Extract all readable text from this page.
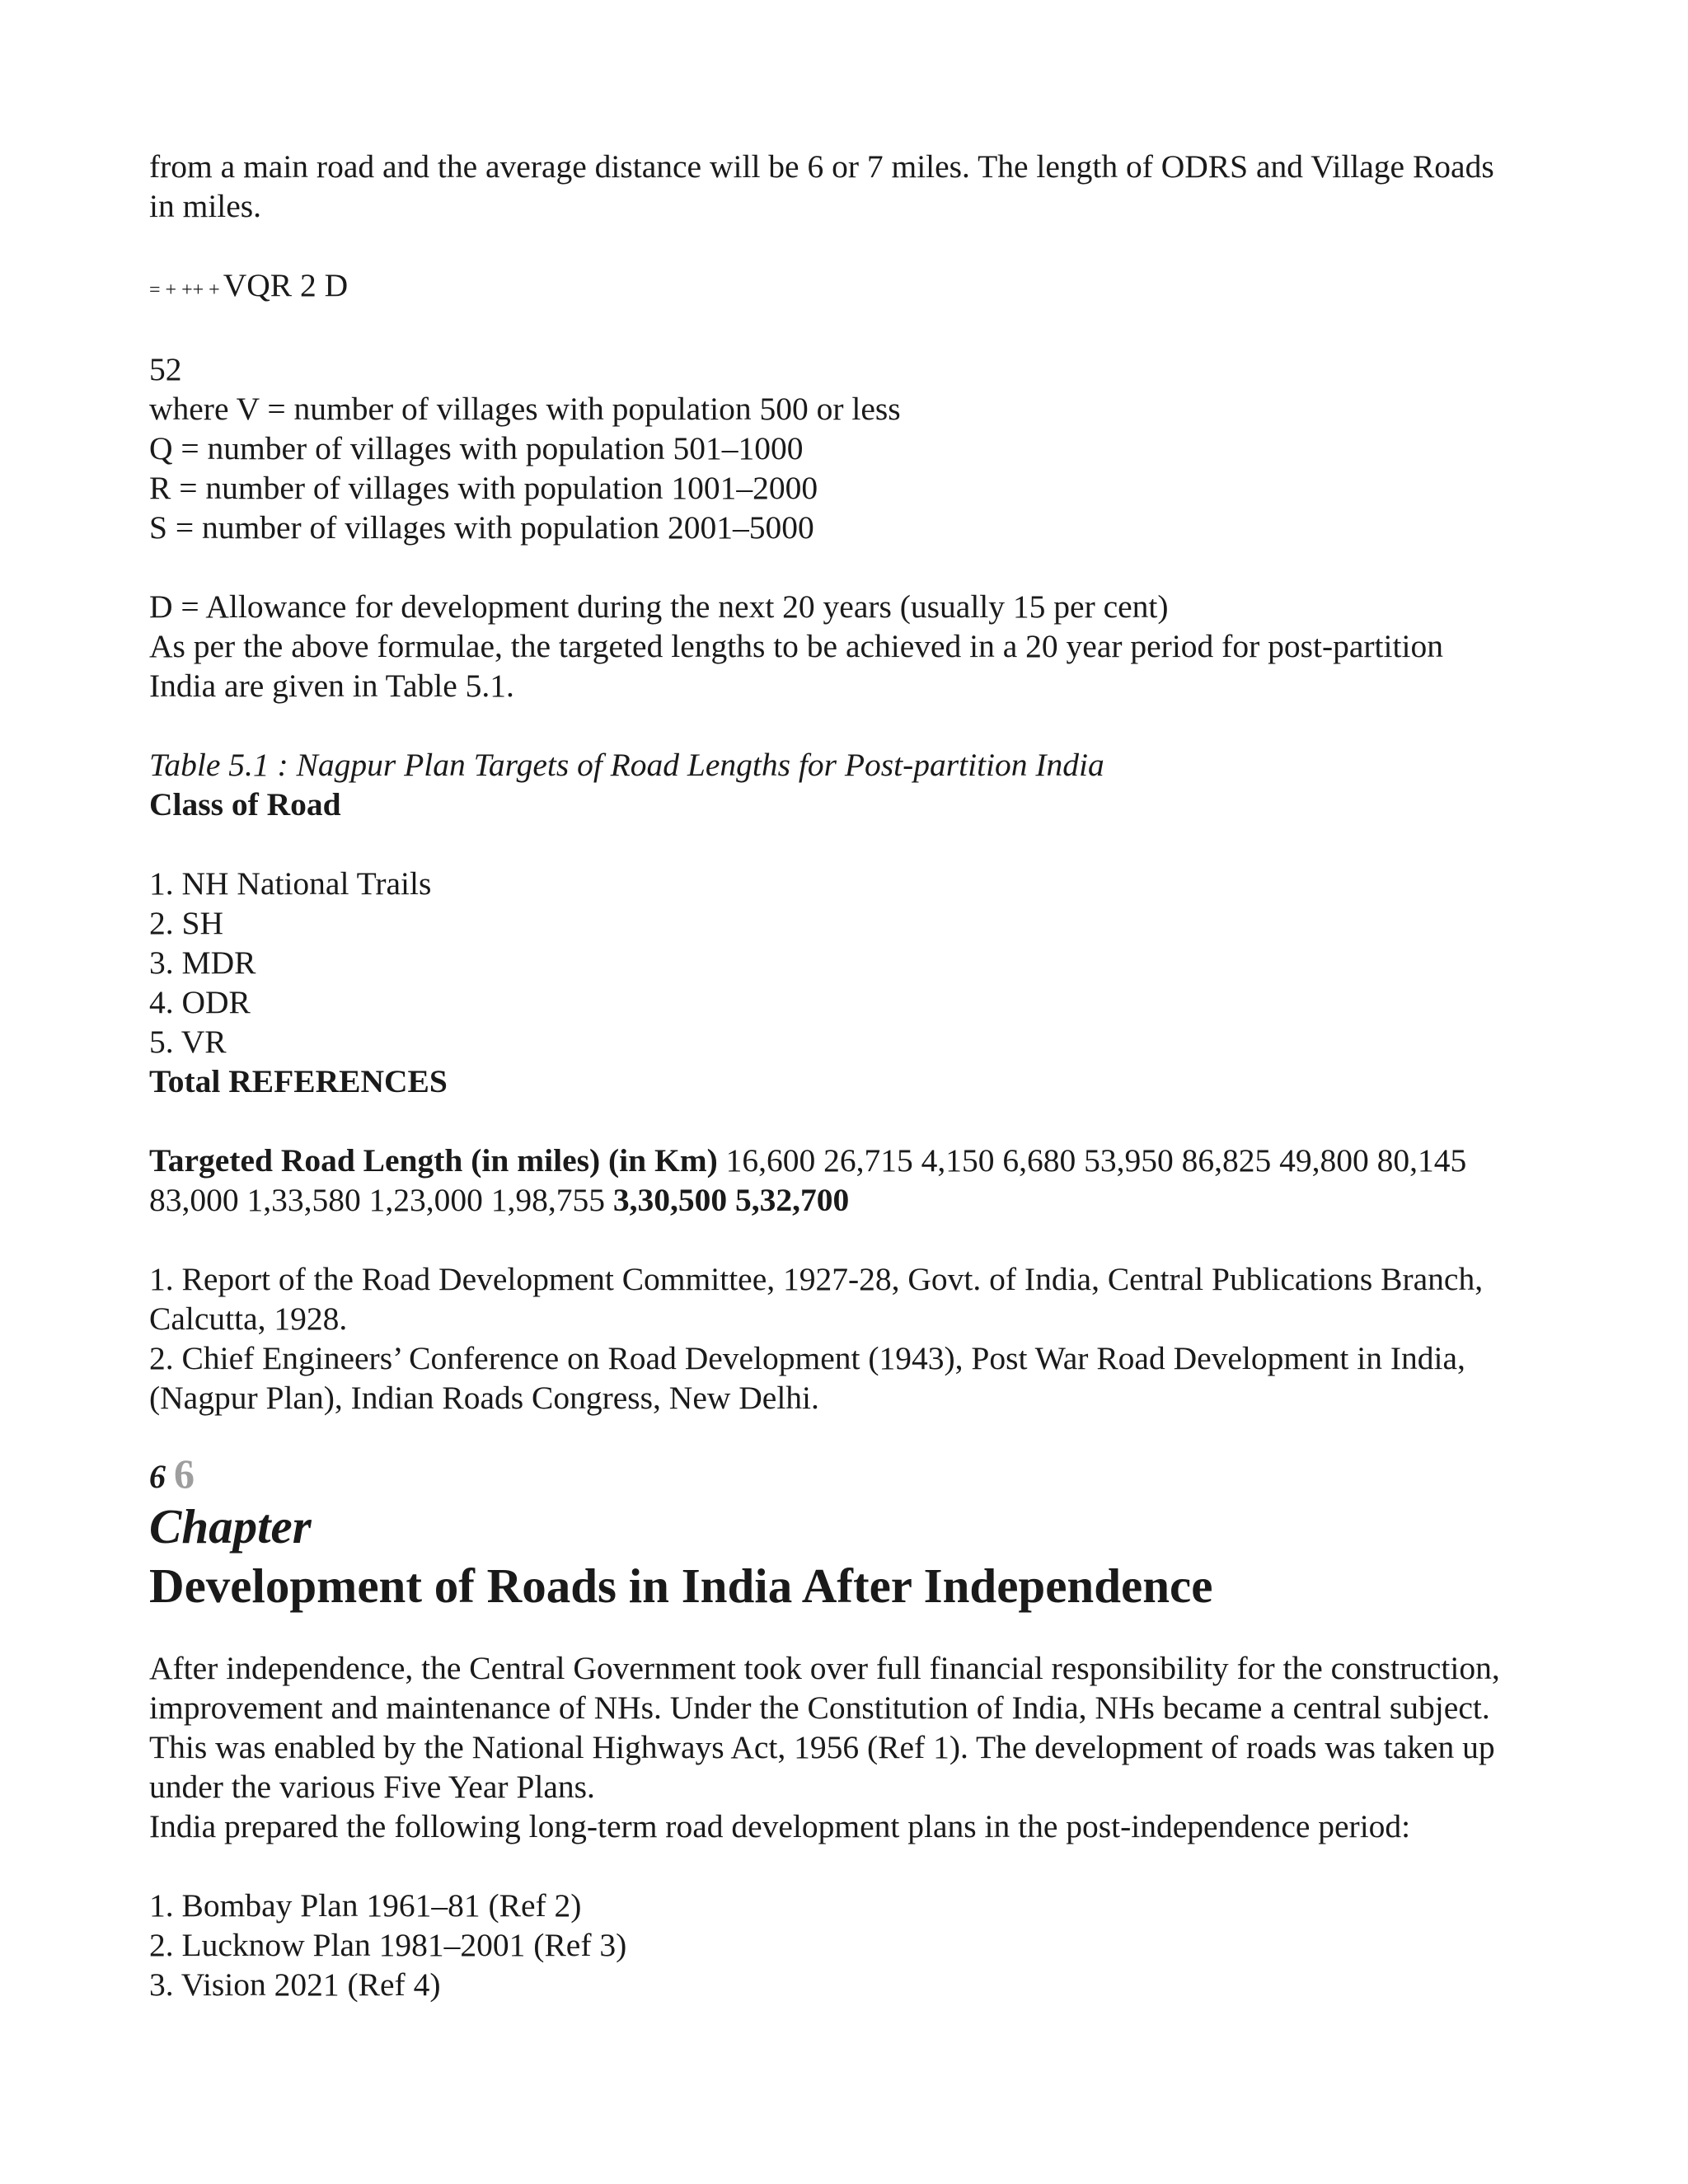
from a main road and the average distance will be 6 or 7 miles. The length of ODRS and Village Roads

in miles.

= + ++ + VQR 2 D

52

where V = number of villages with population 500 or less

Q = number of villages with population 501–1000

R = number of villages with population 1001–2000

S = number of villages with population 2001–5000

D = Allowance for development during the next 20 years (usually 15 per cent)

As per the above formulae, the targeted lengths to be achieved in a 20 year period for post-partition

India are given in Table 5.1.

Table 5.1 : Nagpur Plan Targets of Road Lengths for Post-partition India

Class of Road

1. NH National Trails

2. SH

3. MDR

4. ODR

5. VR

Total REFERENCES

Targeted Road Length (in miles) (in Km) 16,600 26,715 4,150 6,680 53,950 86,825 49,800 80,145

83,000 1,33,580 1,23,000 1,98,755 3,30,500 5,32,700

1. Report of the Road Development Committee, 1927-28, Govt. of India, Central Publications Branch,

Calcutta, 1928.

2. Chief Engineers’ Conference on Road Development (1943), Post War Road Development in India,

(Nagpur Plan), Indian Roads Congress, New Delhi.

6 6
Chapter
Development of Roads in India After Independence

After independence, the Central Government took over full financial responsibility for the construction,

improvement and maintenance of NHs. Under the Constitution of India, NHs became a central subject.

This was enabled by the National Highways Act, 1956 (Ref 1). The development of roads was taken up

under the various Five Year Plans.

India prepared the following long-term road development plans in the post-independence period:

1. Bombay Plan 1961–81 (Ref 2)

2. Lucknow Plan 1981–2001 (Ref 3)

3. Vision 2021 (Ref 4)
